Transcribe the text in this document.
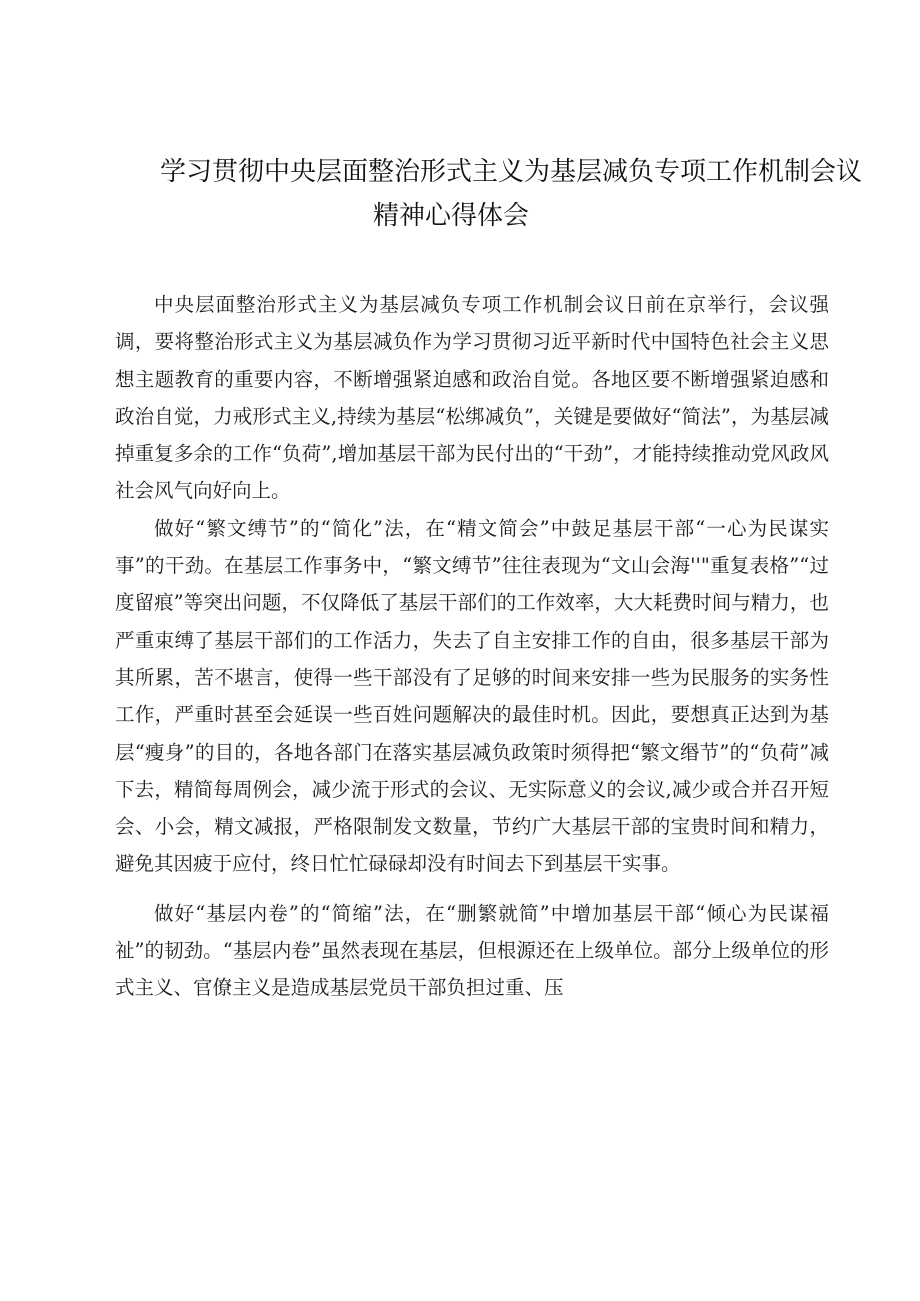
学习贯彻中央层面整治形式主义为基层减负专项工作机制会议
精神心得体会

中央层面整治形式主义为基层减负专项工作机制会议日前在京举行，会议强调，要将整治形式主义为基层减负作为学习贯彻习近平新时代中国特色社会主义思想主题教育的重要内容，不断增强紧迫感和政治自觉。各地区要不断增强紧迫感和政治自觉，力戒形式主义,持续为基层“松绑减负”，关键是要做好“简法”，为基层减掉重复多余的工作“负荷”,增加基层干部为民付出的“干劲”，才能持续推动党风政风社会风气向好向上。

做好“繁文缚节”的“简化”法，在“精文简会”中鼓足基层干部“一心为民谋实事”的干劲。在基层工作事务中，“繁文缚节”往往表现为“文山会海''"重复表格”“过度留痕”等突出问题，不仅降低了基层干部们的工作效率，大大耗费时间与精力，也严重束缚了基层干部们的工作活力，失去了自主安排工作的自由，很多基层干部为其所累，苦不堪言，使得一些干部没有了足够的时间来安排一些为民服务的实务性工作，严重时甚至会延误一些百姓问题解决的最佳时机。因此，要想真正达到为基层“瘦身”的目的，各地各部门在落实基层减负政策时须得把“繁文缗节”的“负荷”减下去，精简每周例会，减少流于形式的会议、无实际意义的会议,减少或合并召开短会、小会，精文减报，严格限制发文数量，节约广大基层干部的宝贵时间和精力，避免其因疲于应付，终日忙忙碌碌却没有时间去下到基层干实事。

做好“基层内卷”的“简缩”法，在“删繁就简”中增加基层干部“倾心为民谋福祉”的韧劲。“基层内卷”虽然表现在基层，但根源还在上级单位。部分上级单位的形式主义、官僚主义是造成基层党员干部负担过重、压
